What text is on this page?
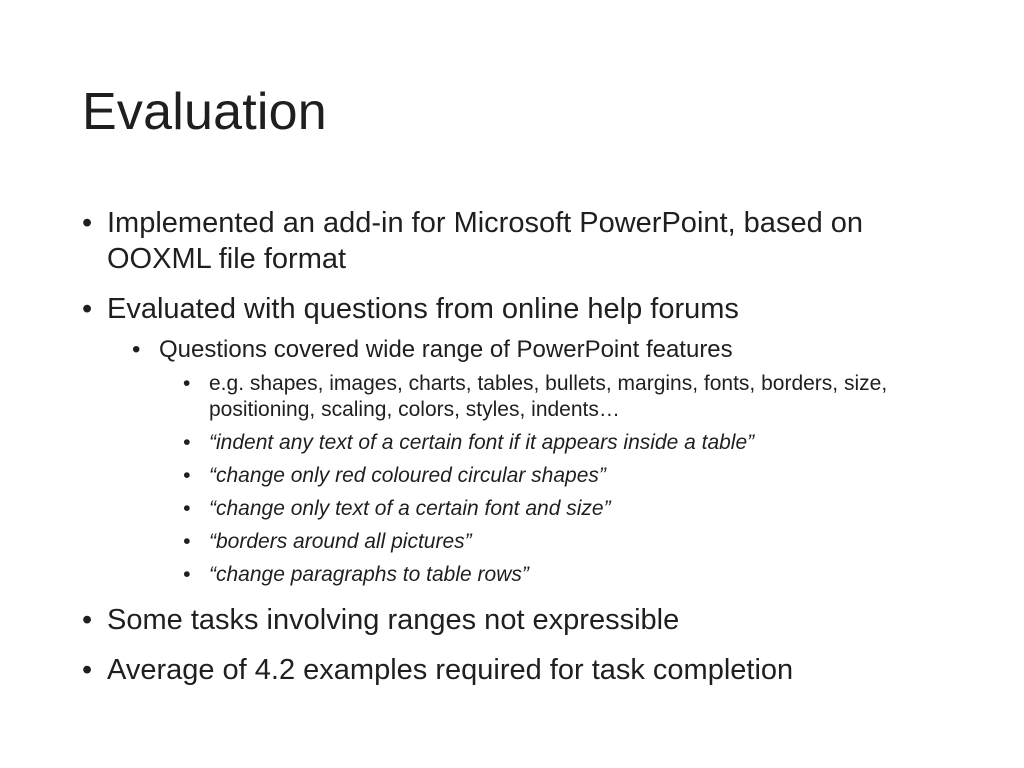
Evaluation
• Implemented an add-in for Microsoft PowerPoint, based on OOXML file format
• Evaluated with questions from online help forums
• Questions covered wide range of PowerPoint features
• e.g. shapes, images, charts, tables, bullets, margins, fonts, borders, size, positioning, scaling, colors, styles, indents…
• “indent any text of a certain font if it appears inside a table”
• “change only red coloured circular shapes”
• “change only text of a certain font and size”
• “borders around all pictures”
• “change paragraphs to table rows”
• Some tasks involving ranges not expressible
• Average of 4.2 examples required for task completion
